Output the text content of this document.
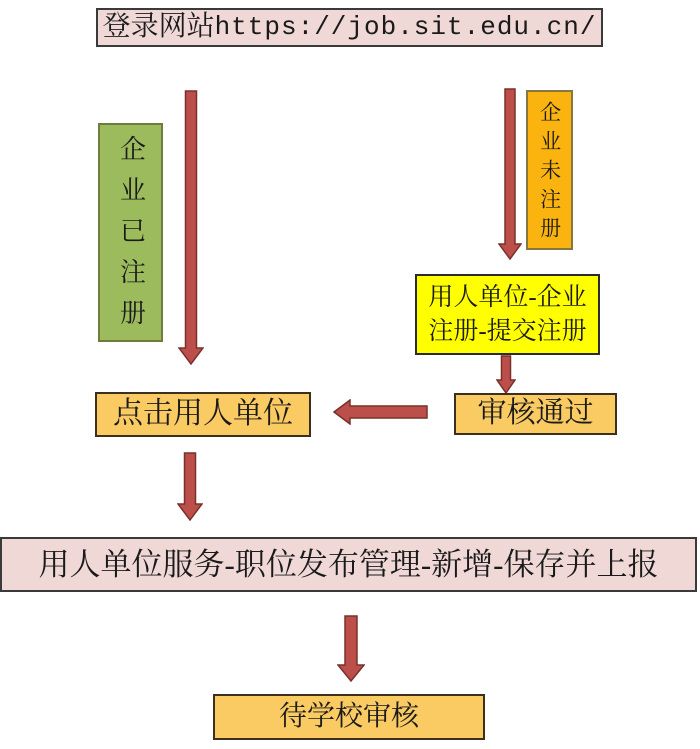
登录网站 https://job.sit.edu.cn/
企业已注册	企业未注册
用人单位-企业
注册-提交注册
审核通过
点击用人单位
用人单位服务-职位发布管理-新增-保存并上报
待学校审核
